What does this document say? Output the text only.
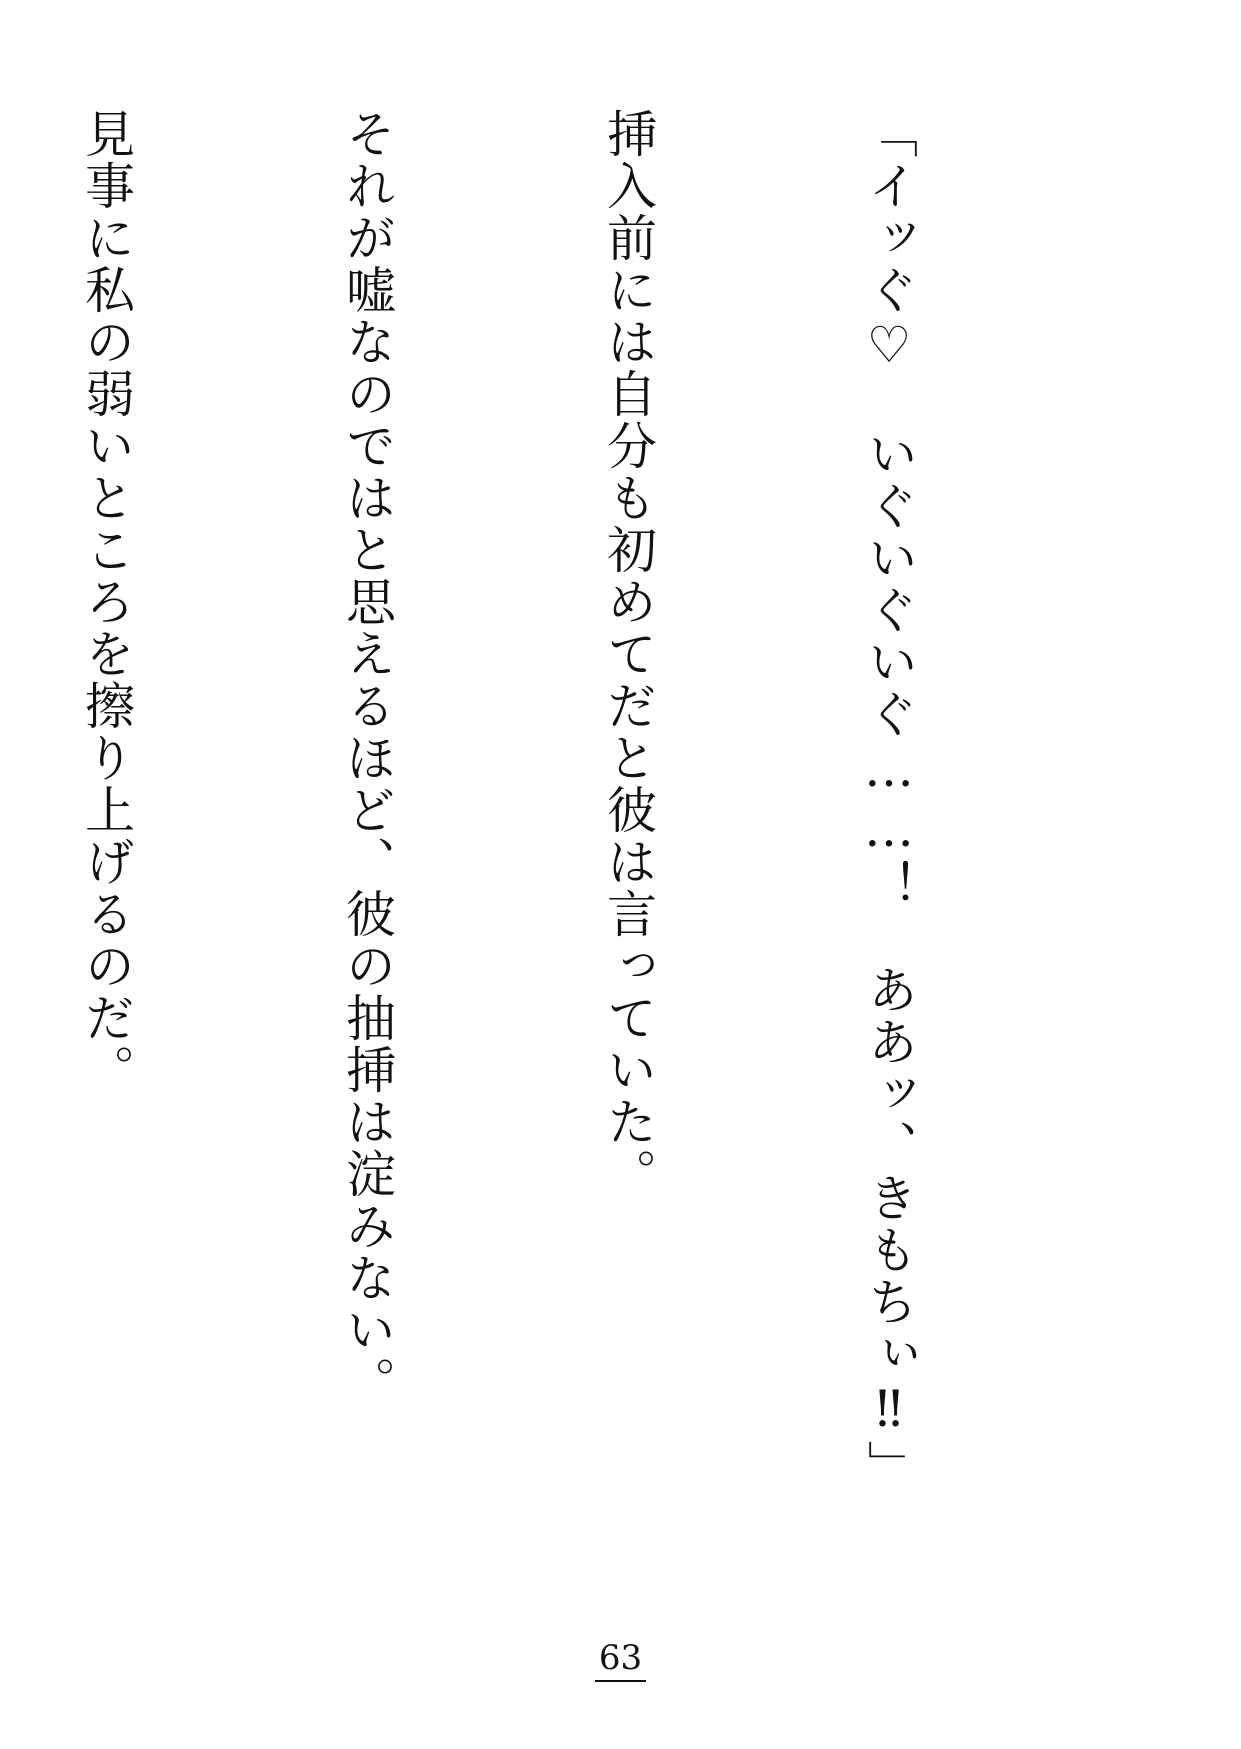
「イッぐ♡　いぐいぐいぐ……！　ああッ、きもちぃ‼」

挿入前には自分も初めてだと彼は言っていた。

それが嘘なのではと思えるほど、彼の抽挿は淀みない。

見事に私の弱いところを擦り上げるのだ。

63
